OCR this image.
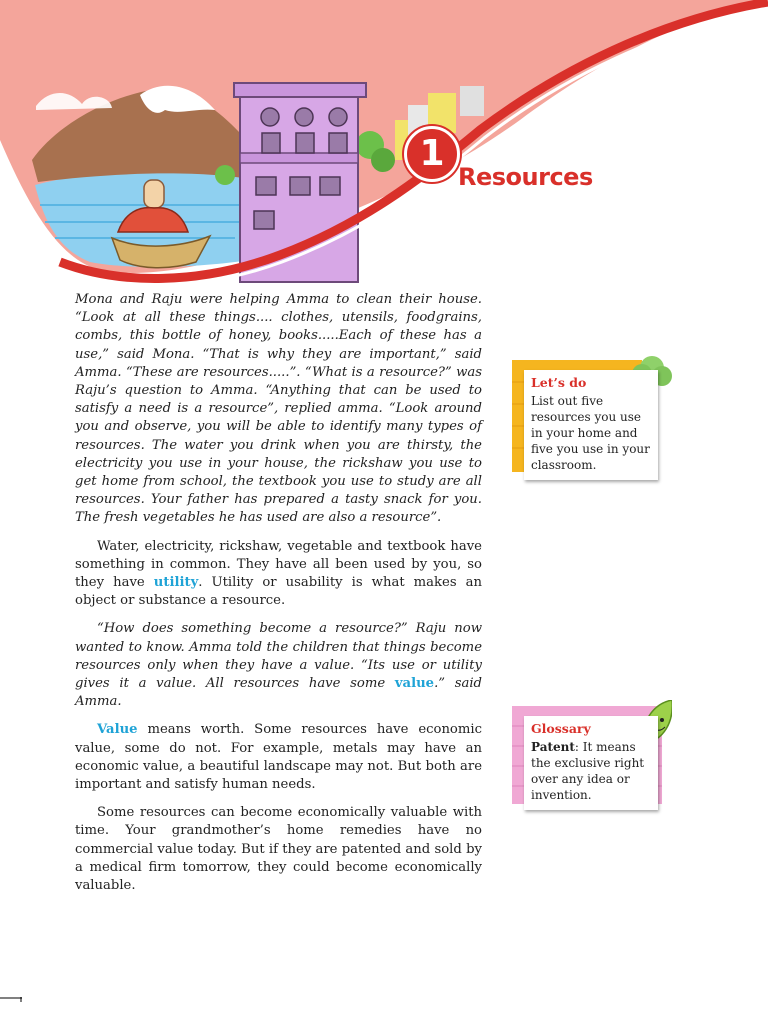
1
Resources

Mona and Raju were helping Amma to clean their house. “Look at all these things.... clothes, utensils, foodgrains, combs, this bottle of honey, books.....Each of these has a use,” said Mona. “That is why they are important,” said Amma. “These are resources.....”. “What is a resource?” was Raju’s question to Amma. “Anything that can be used to satisfy a need is a resource”, replied amma. “Look around you and observe, you will be able to identify many types of resources. The water you drink when you are thirsty, the electricity you use in your house, the rickshaw you use to get home from school, the textbook you use to study are all resources. Your father has prepared a tasty snack for you. The fresh vegetables he has used are also a resource”.

Water, electricity, rickshaw, vegetable and textbook have something in common. They have all been used by you, so they have utility. Utility or usability is what makes an object or substance a resource.

“How does something become a resource?” Raju now wanted to know. Amma told the children that things become resources only when they have a value. “Its use or utility gives it a value. All resources have some value.” said Amma.

Value means worth. Some resources have economic value, some do not. For example, metals may have an economic value, a beautiful landscape may not. But both are important and satisfy human needs.

Some resources can become economically valuable with time. Your grandmother’s home remedies have no commercial value today. But if they are patented and sold by a medical firm tomorrow, they could become economically valuable.

Let’s do
List out five resources you use in your home and five you use in your classroom.
Glossary
Patent: It means the exclusive right over any idea or invention.
